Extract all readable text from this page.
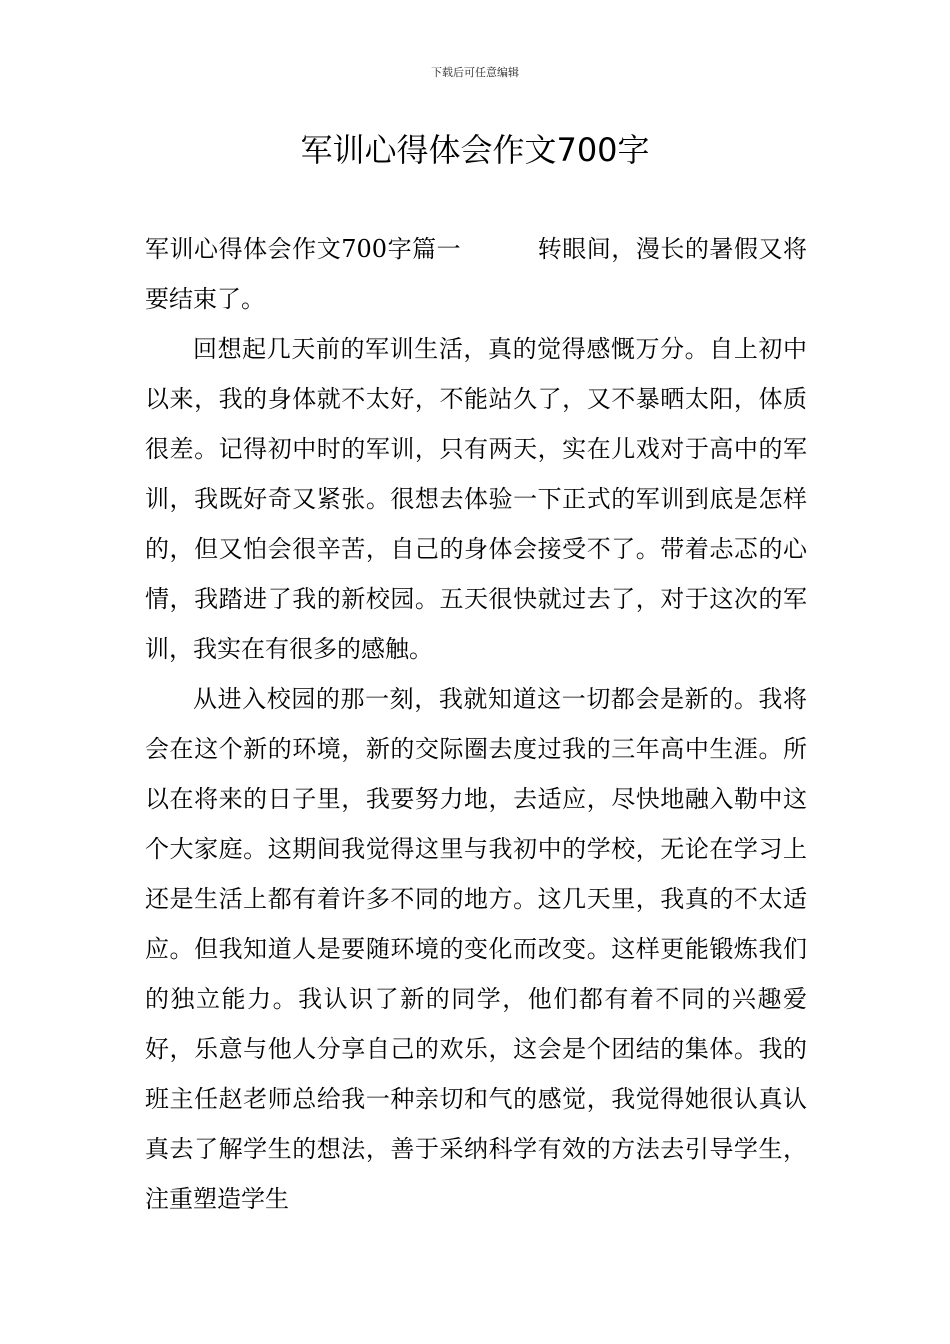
下载后可任意编辑
军训心得体会作文700字

军训心得体会作文700字篇一	转眼间，漫长的暑假又将要结束了。

回想起几天前的军训生活，真的觉得感慨万分。自上初中以来，我的身体就不太好，不能站久了，又不暴晒太阳，体质很差。记得初中时的军训，只有两天，实在儿戏对于高中的军训，我既好奇又紧张。很想去体验一下正式的军训到底是怎样的，但又怕会很辛苦，自己的身体会接受不了。带着忐忑的心情，我踏进了我的新校园。五天很快就过去了，对于这次的军训，我实在有很多的感触。

从进入校园的那一刻，我就知道这一切都会是新的。我将会在这个新的环境，新的交际圈去度过我的三年高中生涯。所以在将来的日子里，我要努力地，去适应，尽快地融入勒中这个大家庭。这期间我觉得这里与我初中的学校，无论在学习上还是生活上都有着许多不同的地方。这几天里，我真的不太适应。但我知道人是要随环境的变化而改变。这样更能锻炼我们的独立能力。我认识了新的同学，他们都有着不同的兴趣爱好，乐意与他人分享自己的欢乐，这会是个团结的集体。我的班主任赵老师总给我一种亲切和气的感觉，我觉得她很认真认真去了解学生的想法，善于采纳科学有效的方法去引导学生，注重塑造学生
